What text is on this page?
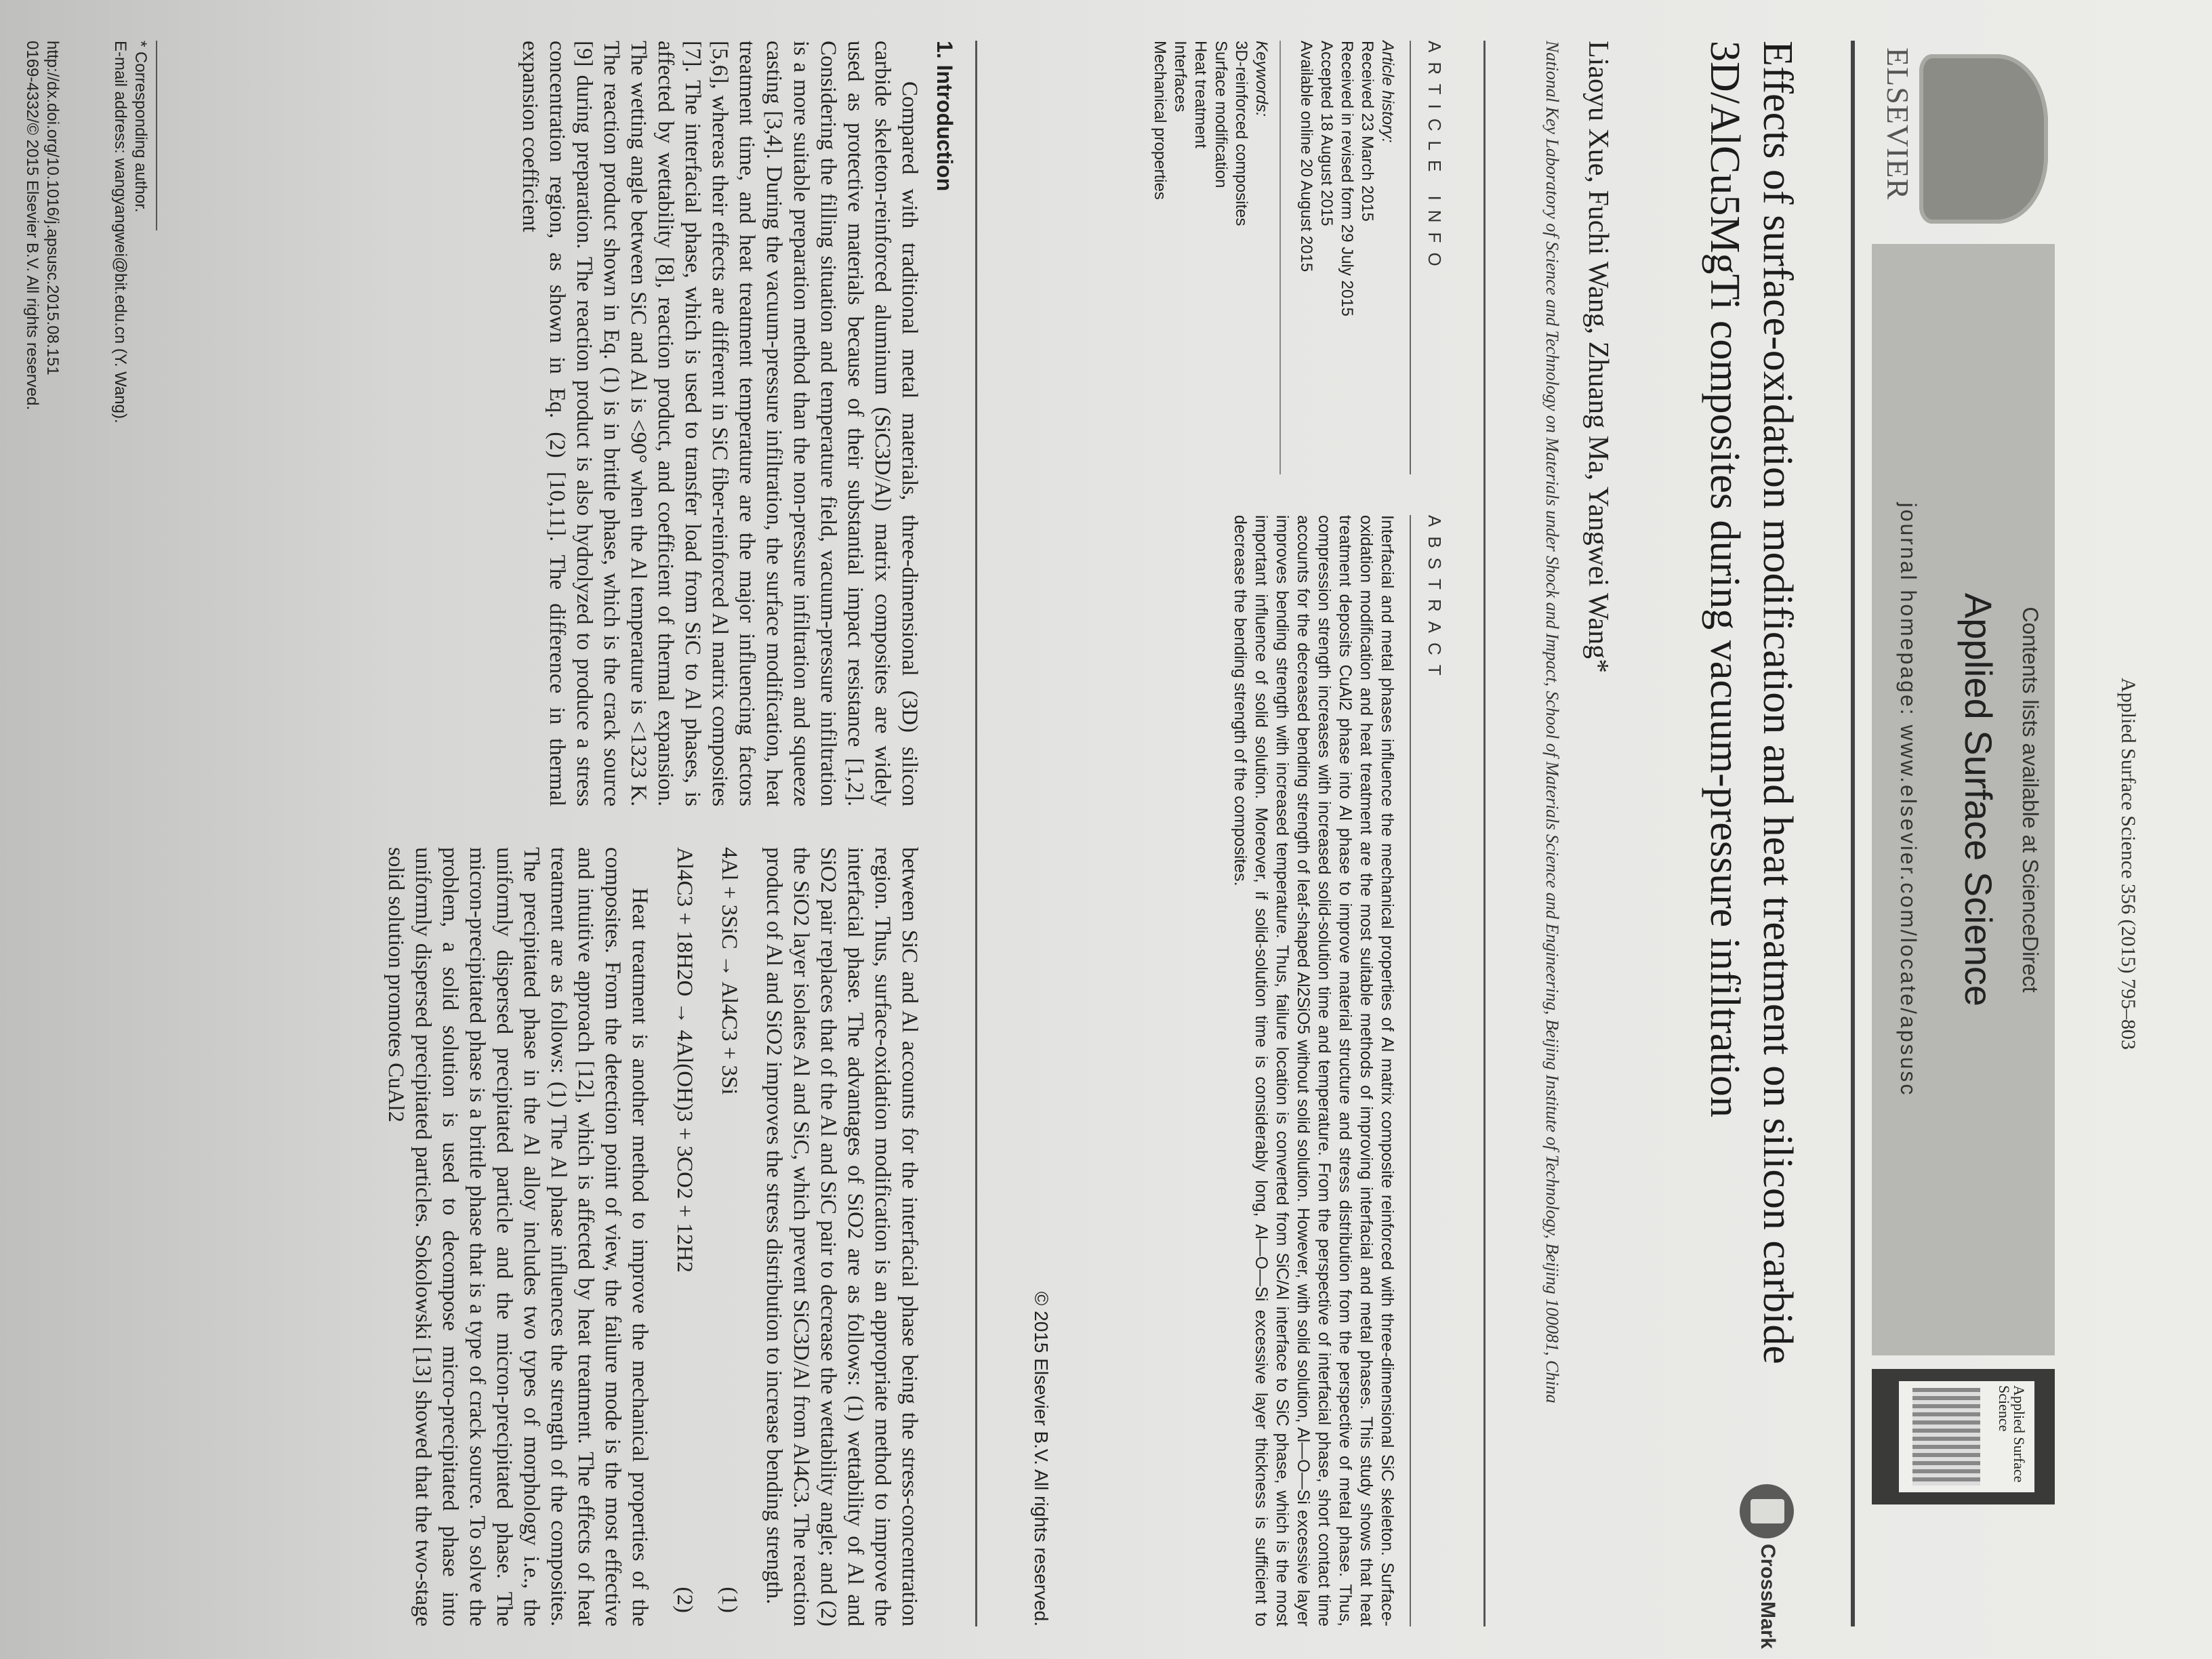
Applied Surface Science 356 (2015) 795–803
ELSEVIER
Contents lists available at ScienceDirect
Applied Surface Science
journal homepage: www.elsevier.com/locate/apsusc
Applied Surface Science
CrossMark
Effects of surface-oxidation modification and heat treatment on silicon carbide 3D/AlCu5MgTi composites during vacuum-pressure infiltration
Liaoyu Xue, Fuchi Wang, Zhuang Ma, Yangwei Wang*
National Key Laboratory of Science and Technology on Materials under Shock and Impact, School of Materials Science and Engineering, Beijing Institute of Technology, Beijing 100081, China
ARTICLE INFO
ABSTRACT
Article history:
Received 23 March 2015
Received in revised form 29 July 2015
Accepted 18 August 2015
Available online 20 August 2015
Keywords:
3D-reinforced composites
Surface modification
Heat treatment
Interfaces
Mechanical properties
Interfacial and metal phases influence the mechanical properties of Al matrix composite reinforced with three-dimensional SiC skeleton. Surface-oxidation modification and heat treatment are the most suitable methods of improving interfacial and metal phases. This study shows that heat treatment deposits CuAl2 phase into Al phase to improve material structure and stress distribution from the perspective of metal phase. Thus, compression strength increases with increased solid-solution time and temperature. From the perspective of interfacial phase, short contact time accounts for the decreased bending strength of leaf-shaped Al2SiO5 without solid solution. However, with solid solution, Al—O—Si excessive layer improves bending strength with increased temperature. Thus, failure location is converted from SiC/Al interface to SiC phase, which is the most important influence of solid solution. Moreover, if solid-solution time is considerably long, Al—O—Si excessive layer thickness is sufficient to decrease the bending strength of the composites.
© 2015 Elsevier B.V. All rights reserved.
1. Introduction

Compared with traditional metal materials, three-dimensional (3D) silicon carbide skeleton-reinforced aluminum (SiC3D/Al) matrix composites are widely used as protective materials because of their substantial impact resistance [1,2]. Considering the filling situation and temperature field, vacuum-pressure infiltration is a more suitable preparation method than the non-pressure infiltration and squeeze casting [3,4]. During the vacuum-pressure infiltration, the surface modification, heat treatment time, and heat treatment temperature are the major influencing factors [5,6], whereas their effects are different in SiC fiber-reinforced Al matrix composites [7]. The interfacial phase, which is used to transfer load from SiC to Al phases, is affected by wettability [8], reaction product, and coefficient of thermal expansion. The wetting angle between SiC and Al is <90° when the Al temperature is <1323 K. The reaction product shown in Eq. (1) is in brittle phase, which is the crack source [9] during preparation. The reaction product is also hydrolyzed to produce a stress concentration region, as shown in Eq. (2) [10,11]. The difference in thermal expansion coefficient

between SiC and Al accounts for the interfacial phase being the stress-concentration region. Thus, surface-oxidation modification is an appropriate method to improve the interfacial phase. The advantages of SiO2 are as follows: (1) wettability of Al and SiO2 pair replaces that of the Al and SiC pair to decrease the wettability angle; and (2) the SiO2 layer isolates Al and SiC, which prevent SiC3D/Al from Al4C3. The reaction product of Al and SiO2 improves the stress distribution to increase bending strength.

4Al + 3SiC → Al4C3 + 3Si
(1)
Al4C3 + 18H2O → 4Al(OH)3 + 3CO2 + 12H2
(2)

Heat treatment is another method to improve the mechanical properties of the composites. From the detection point of view, the failure mode is the most effective and intuitive approach [12], which is affected by heat treatment. The effects of heat treatment are as follows: (1) The Al phase influences the strength of the composites. The precipitated phase in the Al alloy includes two types of morphology i.e., the uniformly dispersed precipitated particle and the micron-precipitated phase. The micron-precipitated phase is a brittle phase that is a type of crack source. To solve the problem, a solid solution is used to decompose micro-precipitated phase into uniformly dispersed precipitated particles. Sokolowski [13] showed that the two-stage solid solution promotes CuAl2

* Corresponding author.
E-mail address: wangyangwei@bit.edu.cn (Y. Wang).
http://dx.doi.org/10.1016/j.apsusc.2015.08.151
0169-4332/© 2015 Elsevier B.V. All rights reserved.
